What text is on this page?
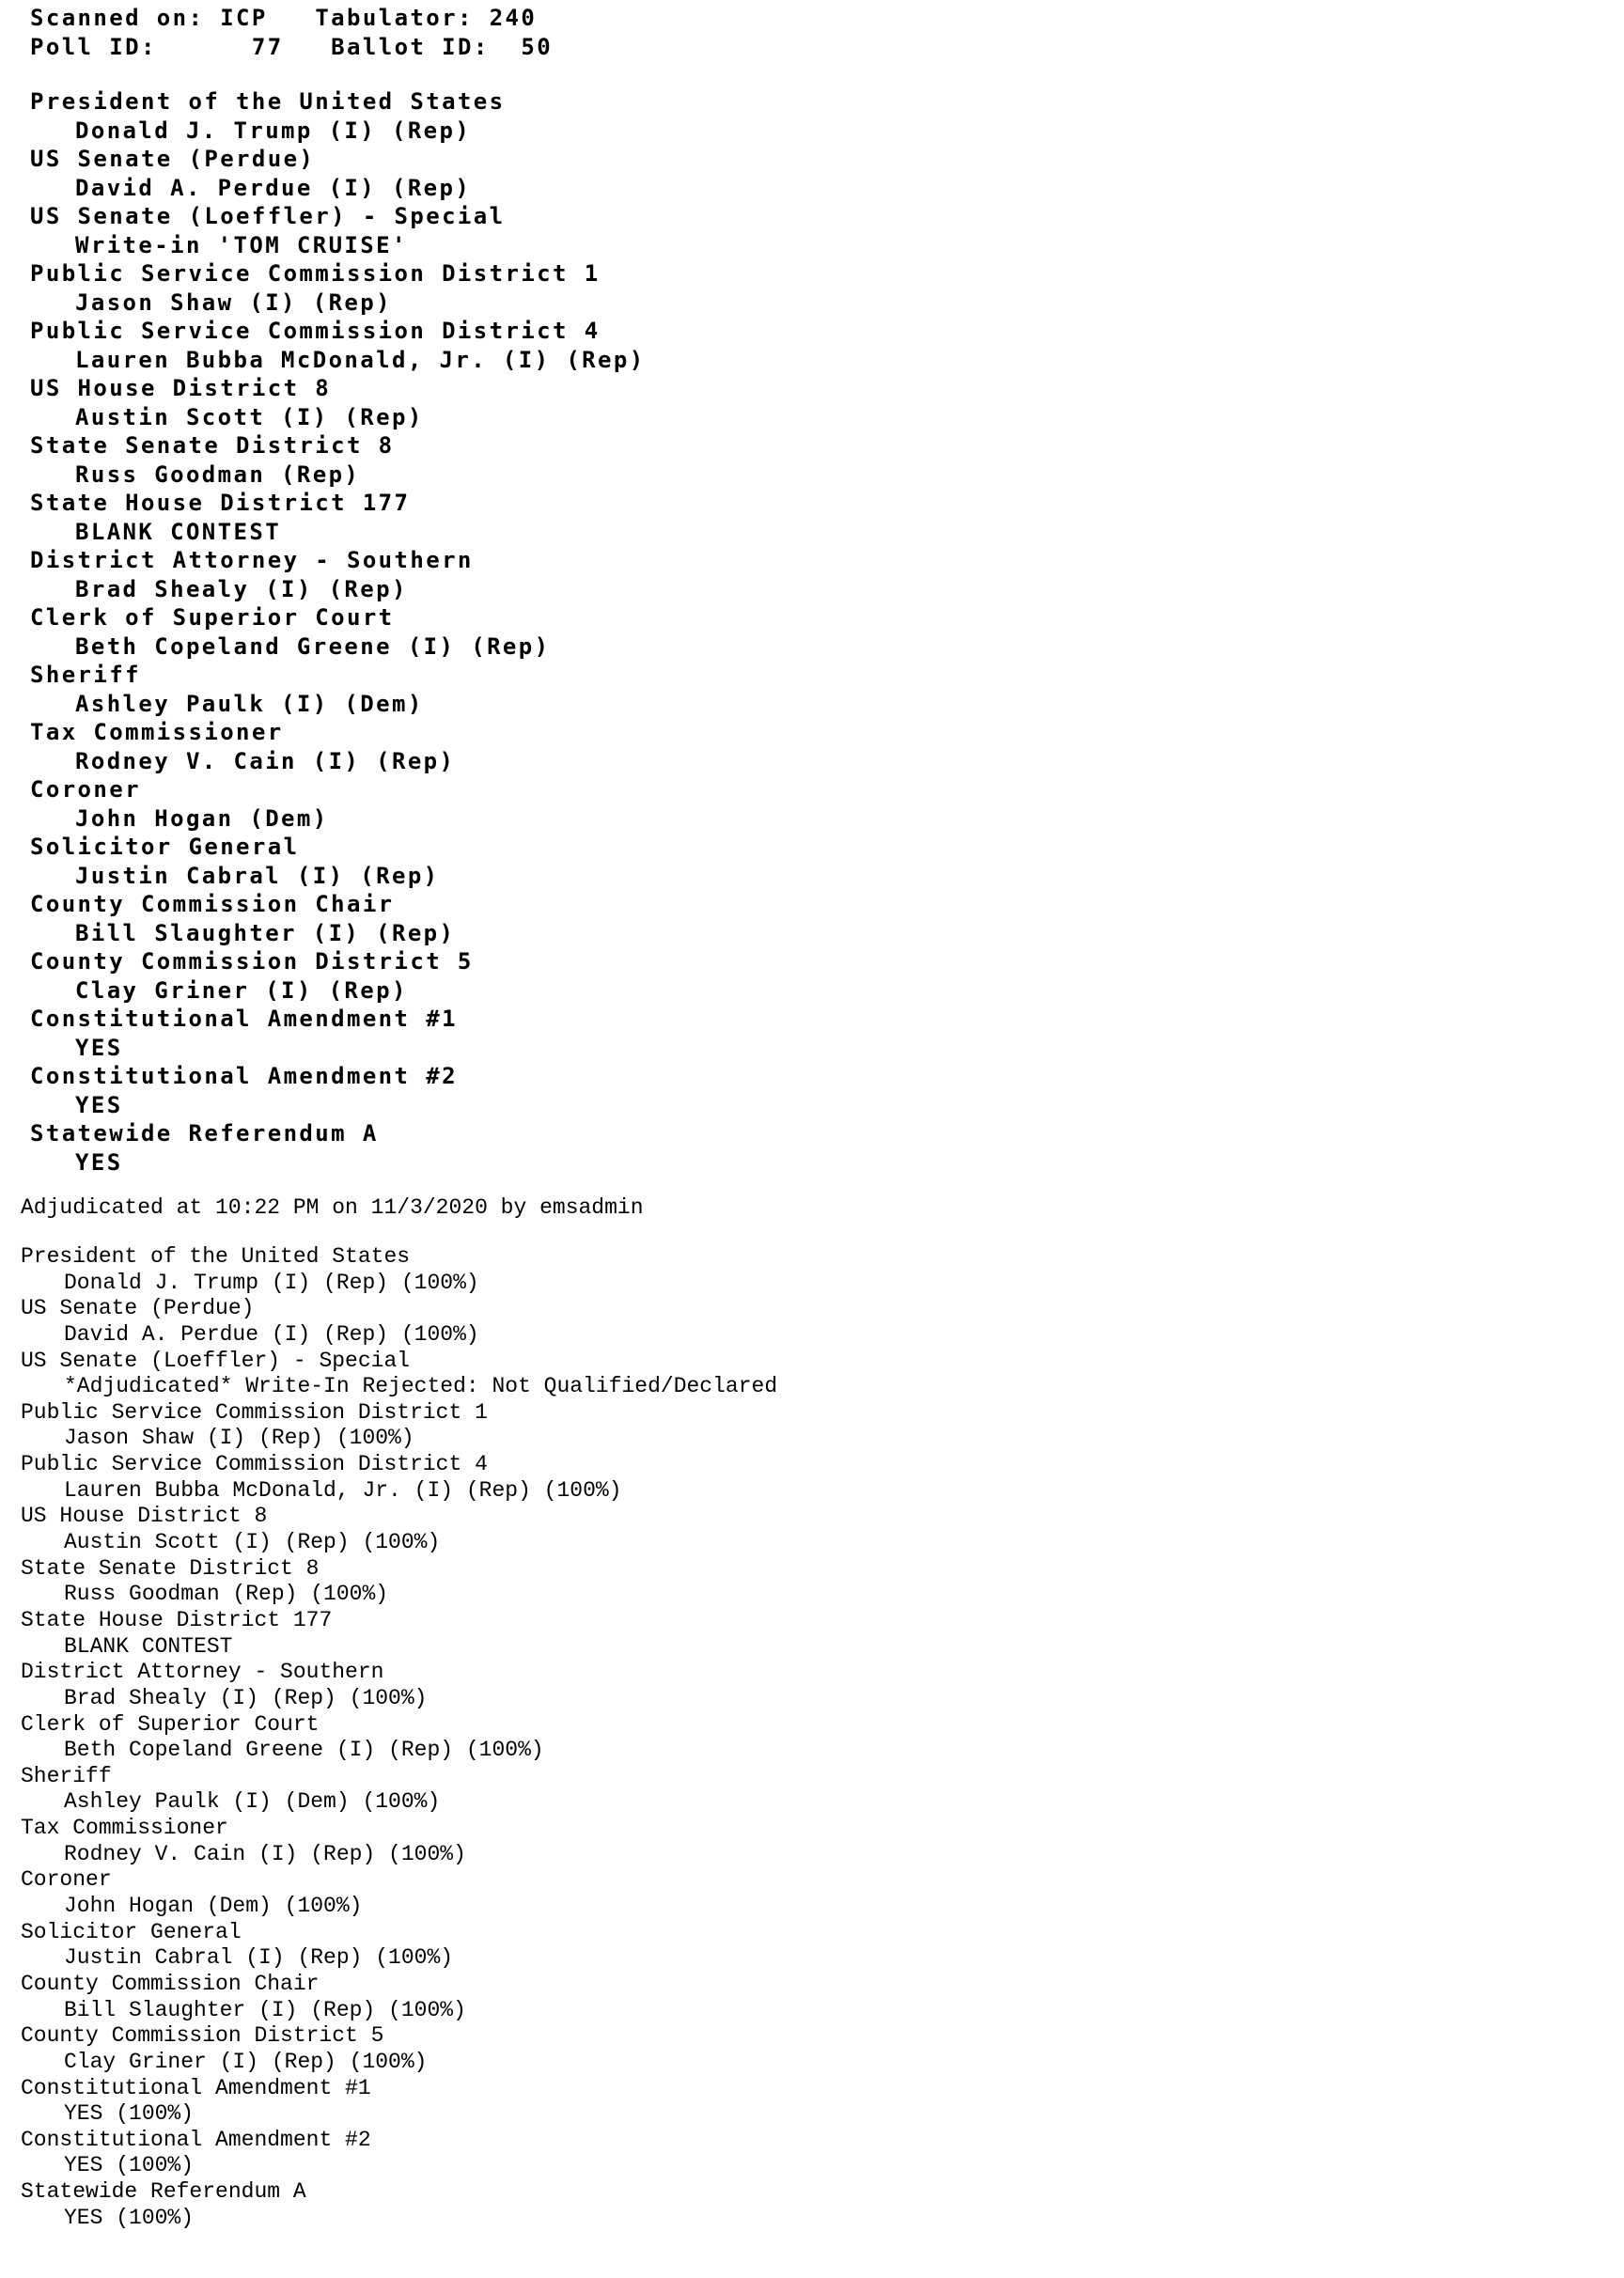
Scanned on: ICP Tabulator: 240
Poll ID:	77 Ballot ID: 50
President of the United States
Donald J. Trump (I) (Rep)
US Senate (Perdue)
David A. Perdue (I) (Rep)
US Senate (Loeffler) - Special
Write-in 'TOM CRUISE'
Public Service Commission District 1
Jason Shaw (I) (Rep)
Public Service Commission District 4
Lauren Bubba McDonald, Jr. (I) (Rep)
US House District 8
Austin Scott (I) (Rep)
State Senate District 8
Russ Goodman (Rep)
State House District 177
BLANK CONTEST
District Attorney - Southern
Brad Shealy (I) (Rep)
Clerk of Superior Court
Beth Copeland Greene (I) (Rep)
Sheriff
Ashley Paulk (I) (Dem)
Tax Commissioner
Rodney V. Cain (I) (Rep)
Coroner
John Hogan (Dem)
Solicitor General
Justin Cabral (I) (Rep)
County Commission Chair
Bill Slaughter (I) (Rep)
County Commission District 5
Clay Griner (I) (Rep)
Constitutional Amendment #1
YES
Constitutional Amendment #2
YES
Statewide Referendum A
YES
Adjudicated at 10:22 PM on 11/3/2020 by emsadmin
President of the United States
Donald J. Trump (I) (Rep) (100%)
US Senate (Perdue)
David A. Perdue (I) (Rep) (100%)
US Senate (Loeffler) - Special
*Adjudicated* Write-In Rejected: Not Qualified/Declared
Public Service Commission District 1
Jason Shaw (I) (Rep) (100%)
Public Service Commission District 4
Lauren Bubba McDonald, Jr. (I) (Rep) (100%)
US House District 8
Austin Scott (I) (Rep) (100%)
State Senate District 8
Russ Goodman (Rep) (100%)
State House District 177
BLANK CONTEST
District Attorney - Southern
Brad Shealy (I) (Rep) (100%)
Clerk of Superior Court
Beth Copeland Greene (I) (Rep) (100%)
Sheriff
Ashley Paulk (I) (Dem) (100%)
Tax Commissioner
Rodney V. Cain (I) (Rep) (100%)
Coroner
John Hogan (Dem) (100%)
Solicitor General
Justin Cabral (I) (Rep) (100%)
County Commission Chair
Bill Slaughter (I) (Rep) (100%)
County Commission District 5
Clay Griner (I) (Rep) (100%)
Constitutional Amendment #1
YES (100%)
Constitutional Amendment #2
YES (100%)
Statewide Referendum A
YES (100%)
